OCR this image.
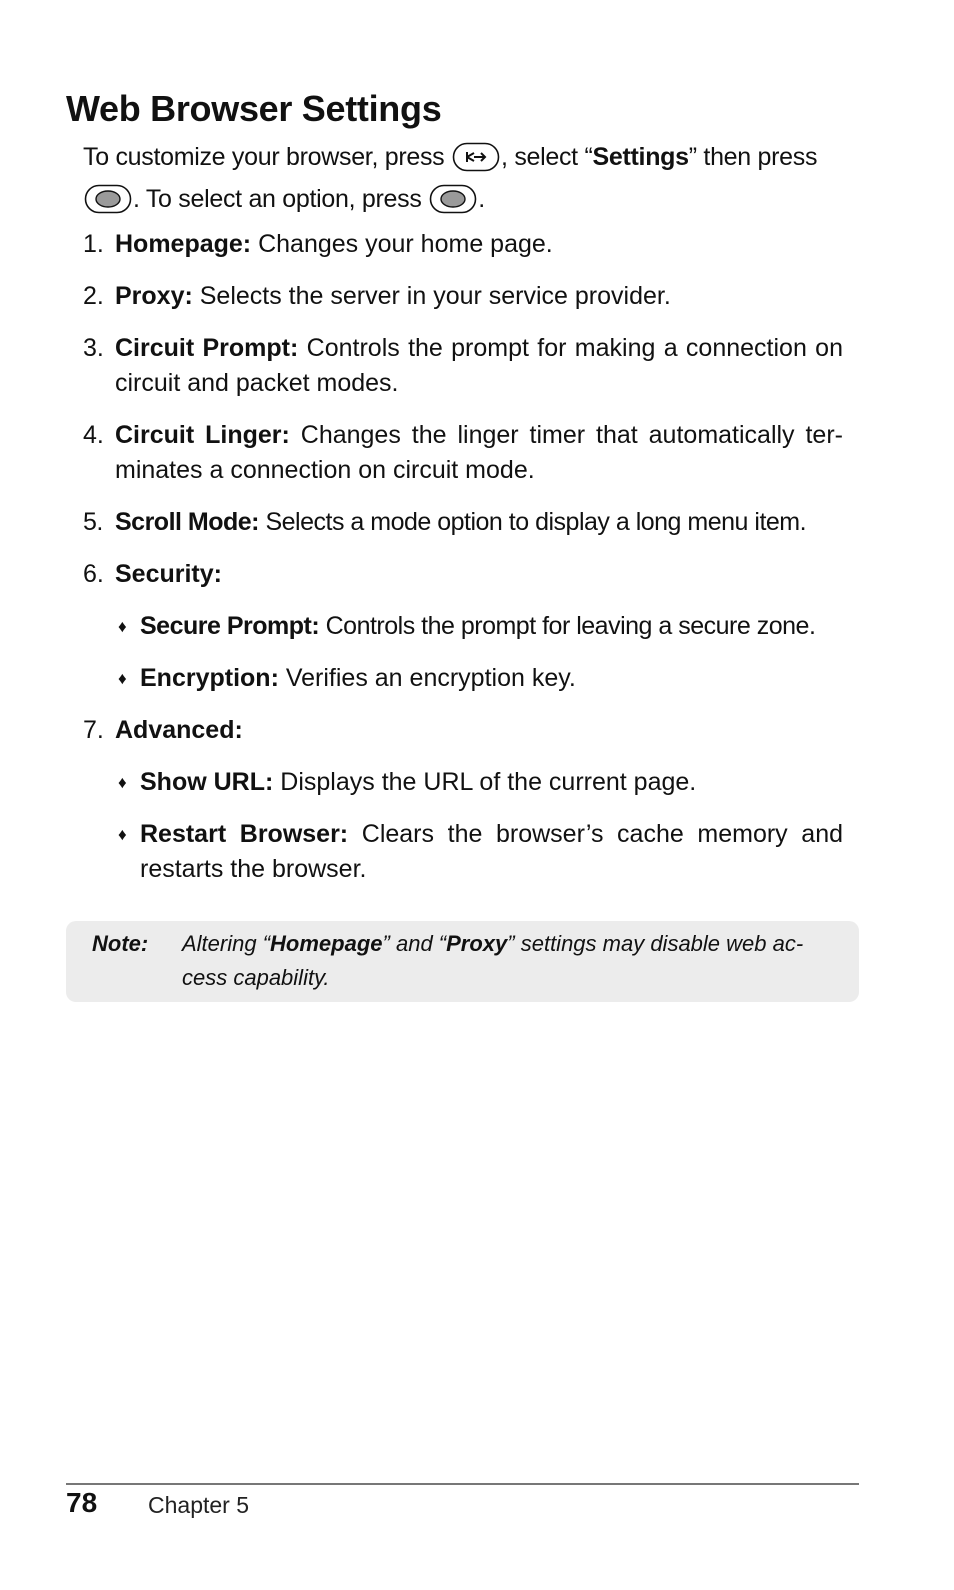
Web Browser Settings
To customize your browser, press , select “Settings” then press
. To select an option, press .
1. Homepage: Changes your home page.
2. Proxy: Selects the server in your service provider.
3. Circuit Prompt: Controls the prompt for making a connection on circuit and packet modes.
4. Circuit Linger: Changes the linger timer that automatically ter-minates a connection on circuit mode.
5. Scroll Mode: Selects a mode option to display a long menu item.
6. Security:
♦ Secure Prompt: Controls the prompt for leaving a secure zone.
♦ Encryption: Verifies an encryption key.
7. Advanced:
♦ Show URL: Displays the URL of the current page.
♦ Restart Browser: Clears the browser’s cache memory and restarts the browser.
Note: Altering “Homepage” and “Proxy” settings may disable web ac-cess capability.
78 Chapter 5
